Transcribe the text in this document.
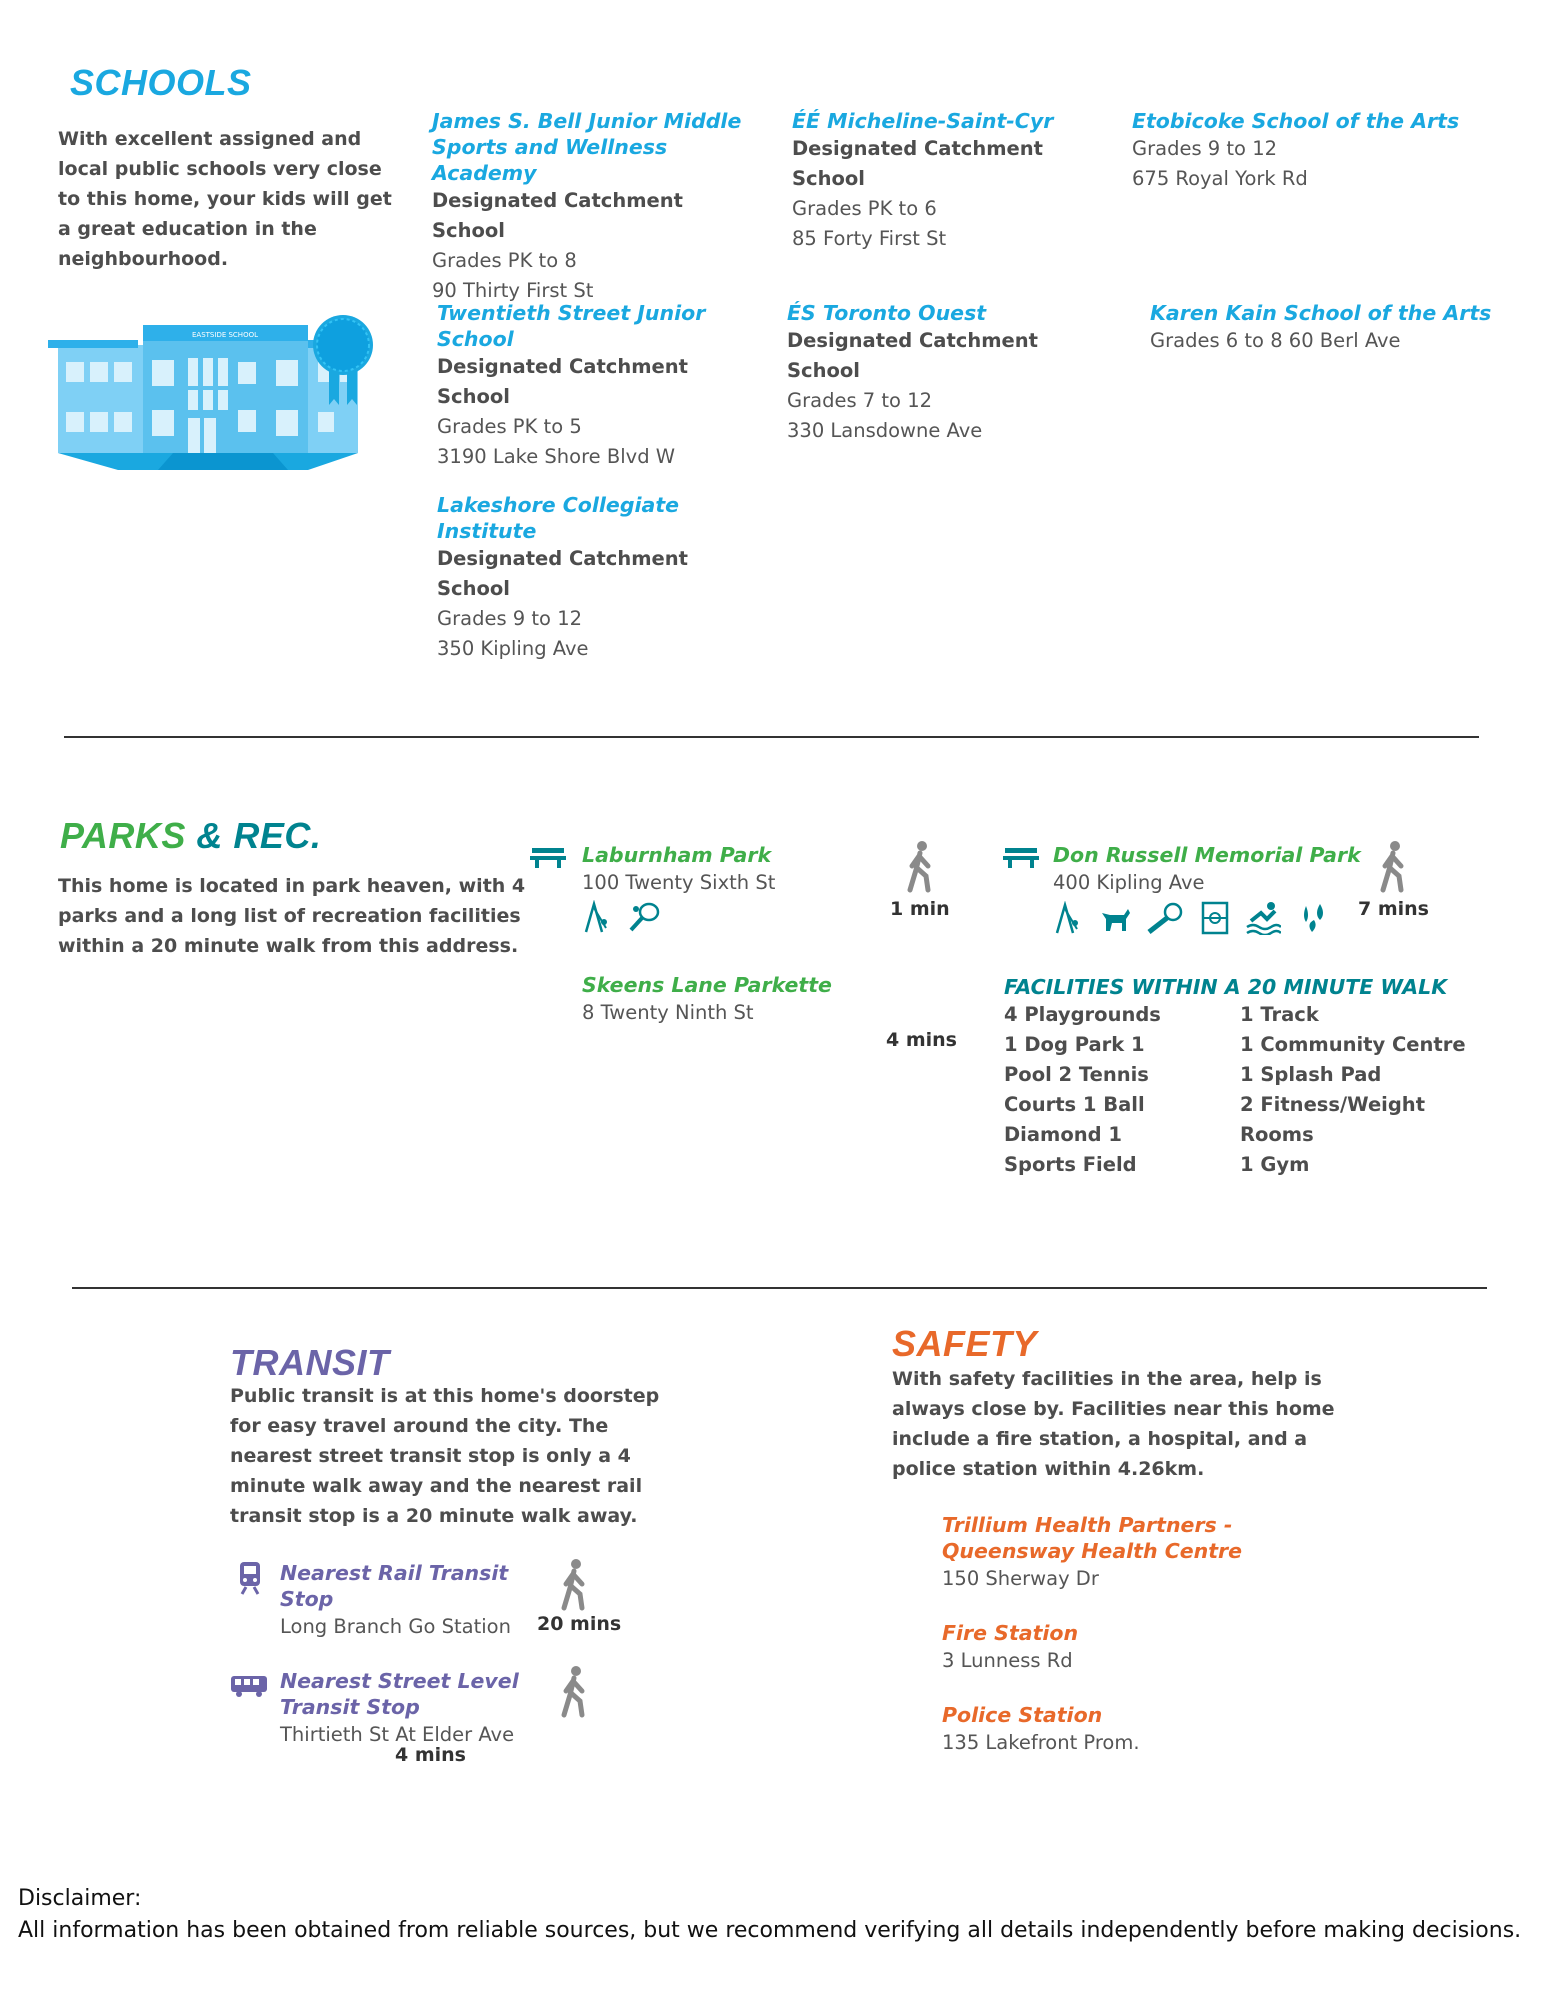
SCHOOLS
With excellent assigned and local public schools very close to this home, your kids will get a great education in the neighbourhood.
EASTSIDE SCHOOL
James S. Bell Junior Middle Sports and Wellness Academy
Designated Catchment School
Grades PK to 8
90 Thirty First St
ÉÉ Micheline-Saint-Cyr
Designated Catchment School
Grades PK to 6
85 Forty First St
Etobicoke School of the Arts
Grades 9 to 12
675 Royal York Rd
Twentieth Street Junior School
Designated Catchment School
Grades PK to 5
3190 Lake Shore Blvd W
ÉS Toronto Ouest
Designated Catchment School
Grades 7 to 12
330 Lansdowne Ave
Karen Kain School of the Arts
Grades 6 to 8 60 Berl Ave
Lakeshore Collegiate Institute
Designated Catchment School
Grades 9 to 12
350 Kipling Ave
PARKS & REC.
This home is located in park heaven, with 4 parks and a long list of recreation facilities within a 20 minute walk from this address.
Laburnham Park
100 Twenty Sixth St

1 min
Don Russell Memorial Park
400 Kipling Ave

7 mins
Skeens Lane Parkette
8 Twenty Ninth St
4 mins
FACILITIES WITHIN A 20 MINUTE WALK
4 Playgrounds
1 Dog Park 1
Pool 2 Tennis
Courts 1 Ball
Diamond 1
Sports Field
1 Track
1 Community Centre
1 Splash Pad
2 Fitness/Weight Rooms
1 Gym
TRANSIT
Public transit is at this home's doorstep for easy travel around the city. The nearest street transit stop is only a 4 minute walk away and the nearest rail transit stop is a 20 minute walk away.
Nearest Rail Transit Stop
Long Branch Go Station	20 mins
Nearest Street Level Transit Stop
Thirtieth St At Elder Ave
4 mins
SAFETY
With safety facilities in the area, help is always close by. Facilities near this home include a fire station, a hospital, and a police station within 4.26km.
Trillium Health Partners - Queensway Health Centre
150 Sherway Dr
Fire Station
3 Lunness Rd
Police Station
135 Lakefront Prom.
Disclaimer:
All information has been obtained from reliable sources, but we recommend verifying all details independently before making decisions.
